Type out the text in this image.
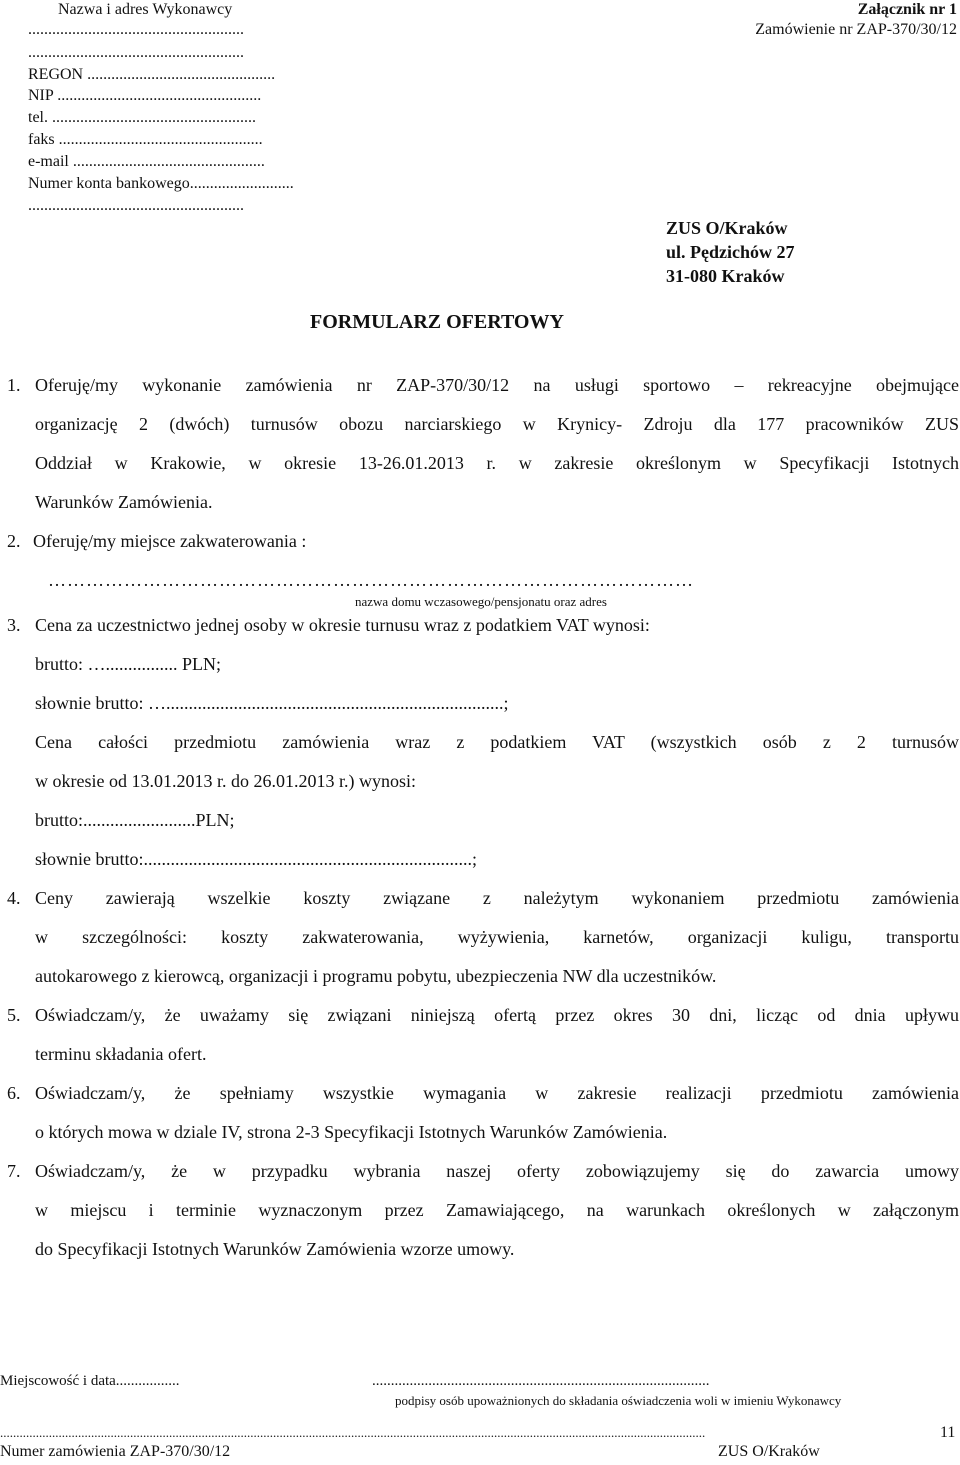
Nazwa i adres Wykonawcy
......................................................
......................................................
REGON ...............................................
NIP ...................................................
tel. ...................................................
faks ...................................................
e-mail ................................................
Numer konta bankowego..........................
......................................................
Załącznik nr 1
Zamówienie nr ZAP-370/30/12
ZUS O/Kraków
ul. Pędzichów 27
31-080 Kraków
FORMULARZ OFERTOWY
1. Oferuję/my wykonanie zamówienia nr ZAP-370/30/12 na usługi sportowo – rekreacyjne obejmujące
organizację 2 (dwóch) turnusów obozu narciarskiego w Krynicy- Zdroju dla 177 pracowników ZUS
Oddział w Krakowie, w okresie 13-26.01.2013 r. w zakresie określonym w Specyfikacji Istotnych
Warunków Zamówienia.
2. Oferuję/my miejsce zakwaterowania :
…………………………………………………………………………………………
nazwa domu wczasowego/pensjonatu oraz adres
3. Cena za uczestnictwo jednej osoby w okresie turnusu wraz z podatkiem VAT wynosi:
brutto: …................ PLN;
słownie brutto: …...........................................................................;
Cena całości przedmiotu zamówienia wraz z podatkiem VAT (wszystkich osób z 2 turnusów
w okresie od 13.01.2013 r. do 26.01.2013 r.) wynosi:
brutto:.........................PLN;
słownie brutto:.........................................................................;
4. Ceny zawierają wszelkie koszty związane z należytym wykonaniem przedmiotu zamówienia
w szczególności: koszty zakwaterowania, wyżywienia, karnetów, organizacji kuligu, transportu
autokarowego z kierowcą, organizacji i programu pobytu, ubezpieczenia NW dla uczestników.
5. Oświadczam/y, że uważamy się związani niniejszą ofertą przez okres 30 dni, licząc od dnia upływu
terminu składania ofert.
6. Oświadczam/y, że spełniamy wszystkie wymagania w zakresie realizacji przedmiotu zamówienia
o których mowa w dziale IV, strona 2-3 Specyfikacji Istotnych Warunków Zamówienia.
7. Oświadczam/y, że w przypadku wybrania naszej oferty zobowiązujemy się do zawarcia umowy
w miejscu i terminie wyznaczonym przez Zamawiającego, na warunkach określonych w załączonym
do Specyfikacji Istotnych Warunków Zamówienia wzorze umowy.
Miejscowość i data.................	..........................................................................................
podpisy osób upoważnionych do składania oświadczenia woli w imieniu Wykonawcy
.........................................................................................................................................................................................................................
Numer zamówienia ZAP-370/30/12	ZUS O/Kraków
11
